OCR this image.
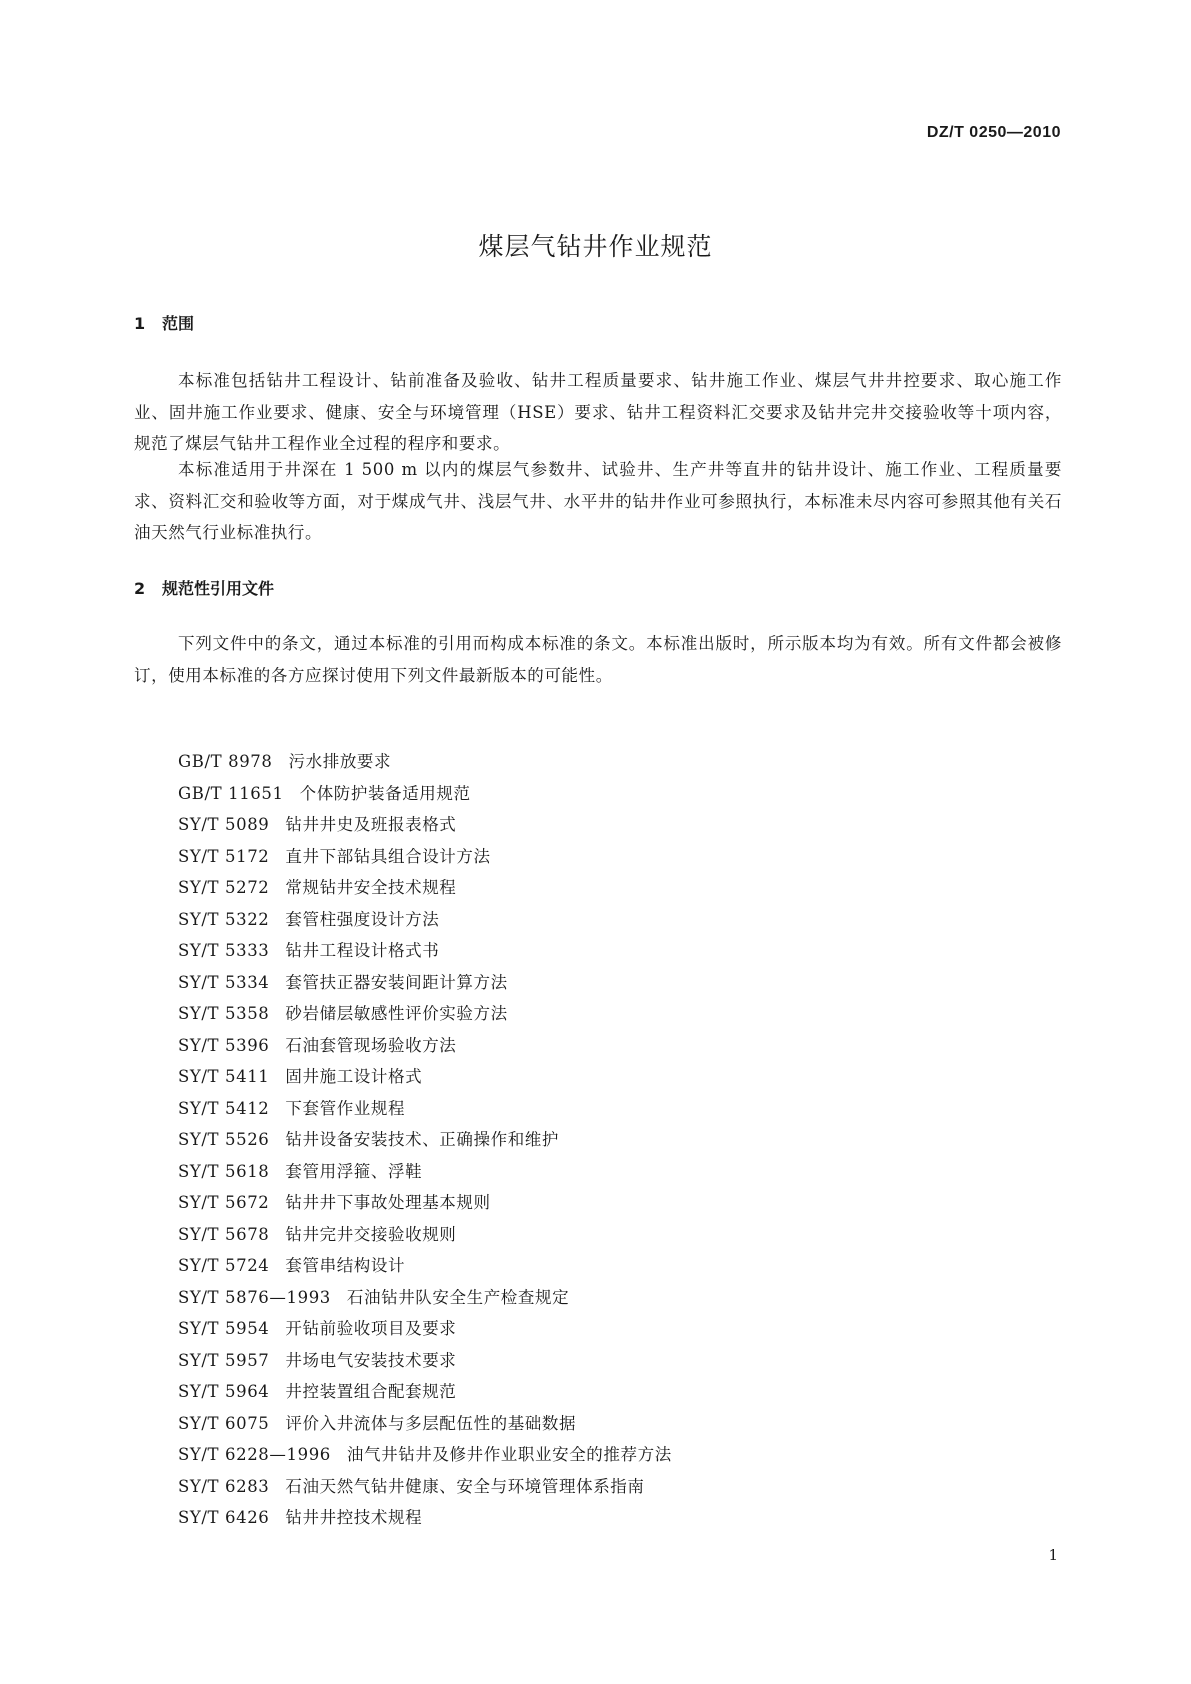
DZ/T 0250—2010
煤层气钻井作业规范
1 范围

本标准包括钻井工程设计、钻前准备及验收、钻井工程质量要求、钻井施工作业、煤层气井井控要求、取心施工作业、固井施工作业要求、健康、安全与环境管理（HSE）要求、钻井工程资料汇交要求及钻井完井交接验收等十项内容，规范了煤层气钻井工程作业全过程的程序和要求。

本标准适用于井深在 1 500 m 以内的煤层气参数井、试验井、生产井等直井的钻井设计、施工作业、工程质量要求、资料汇交和验收等方面，对于煤成气井、浅层气井、水平井的钻井作业可参照执行，本标准未尽内容可参照其他有关石油天然气行业标准执行。

2 规范性引用文件

下列文件中的条文，通过本标准的引用而构成本标准的条文。本标准出版时，所示版本均为有效。所有文件都会被修订，使用本标准的各方应探讨使用下列文件最新版本的可能性。

GB/T 8978 污水排放要求
GB/T 11651 个体防护装备适用规范
SY/T 5089 钻井井史及班报表格式
SY/T 5172 直井下部钻具组合设计方法
SY/T 5272 常规钻井安全技术规程
SY/T 5322 套管柱强度设计方法
SY/T 5333 钻井工程设计格式书
SY/T 5334 套管扶正器安装间距计算方法
SY/T 5358 砂岩储层敏感性评价实验方法
SY/T 5396 石油套管现场验收方法
SY/T 5411 固井施工设计格式
SY/T 5412 下套管作业规程
SY/T 5526 钻井设备安装技术、正确操作和维护
SY/T 5618 套管用浮箍、浮鞋
SY/T 5672 钻井井下事故处理基本规则
SY/T 5678 钻井完井交接验收规则
SY/T 5724 套管串结构设计
SY/T 5876—1993 石油钻井队安全生产检查规定
SY/T 5954 开钻前验收项目及要求
SY/T 5957 井场电气安装技术要求
SY/T 5964 井控装置组合配套规范
SY/T 6075 评价入井流体与多层配伍性的基础数据
SY/T 6228—1996 油气井钻井及修井作业职业安全的推荐方法
SY/T 6283 石油天然气钻井健康、安全与环境管理体系指南
SY/T 6426 钻井井控技术规程
1
